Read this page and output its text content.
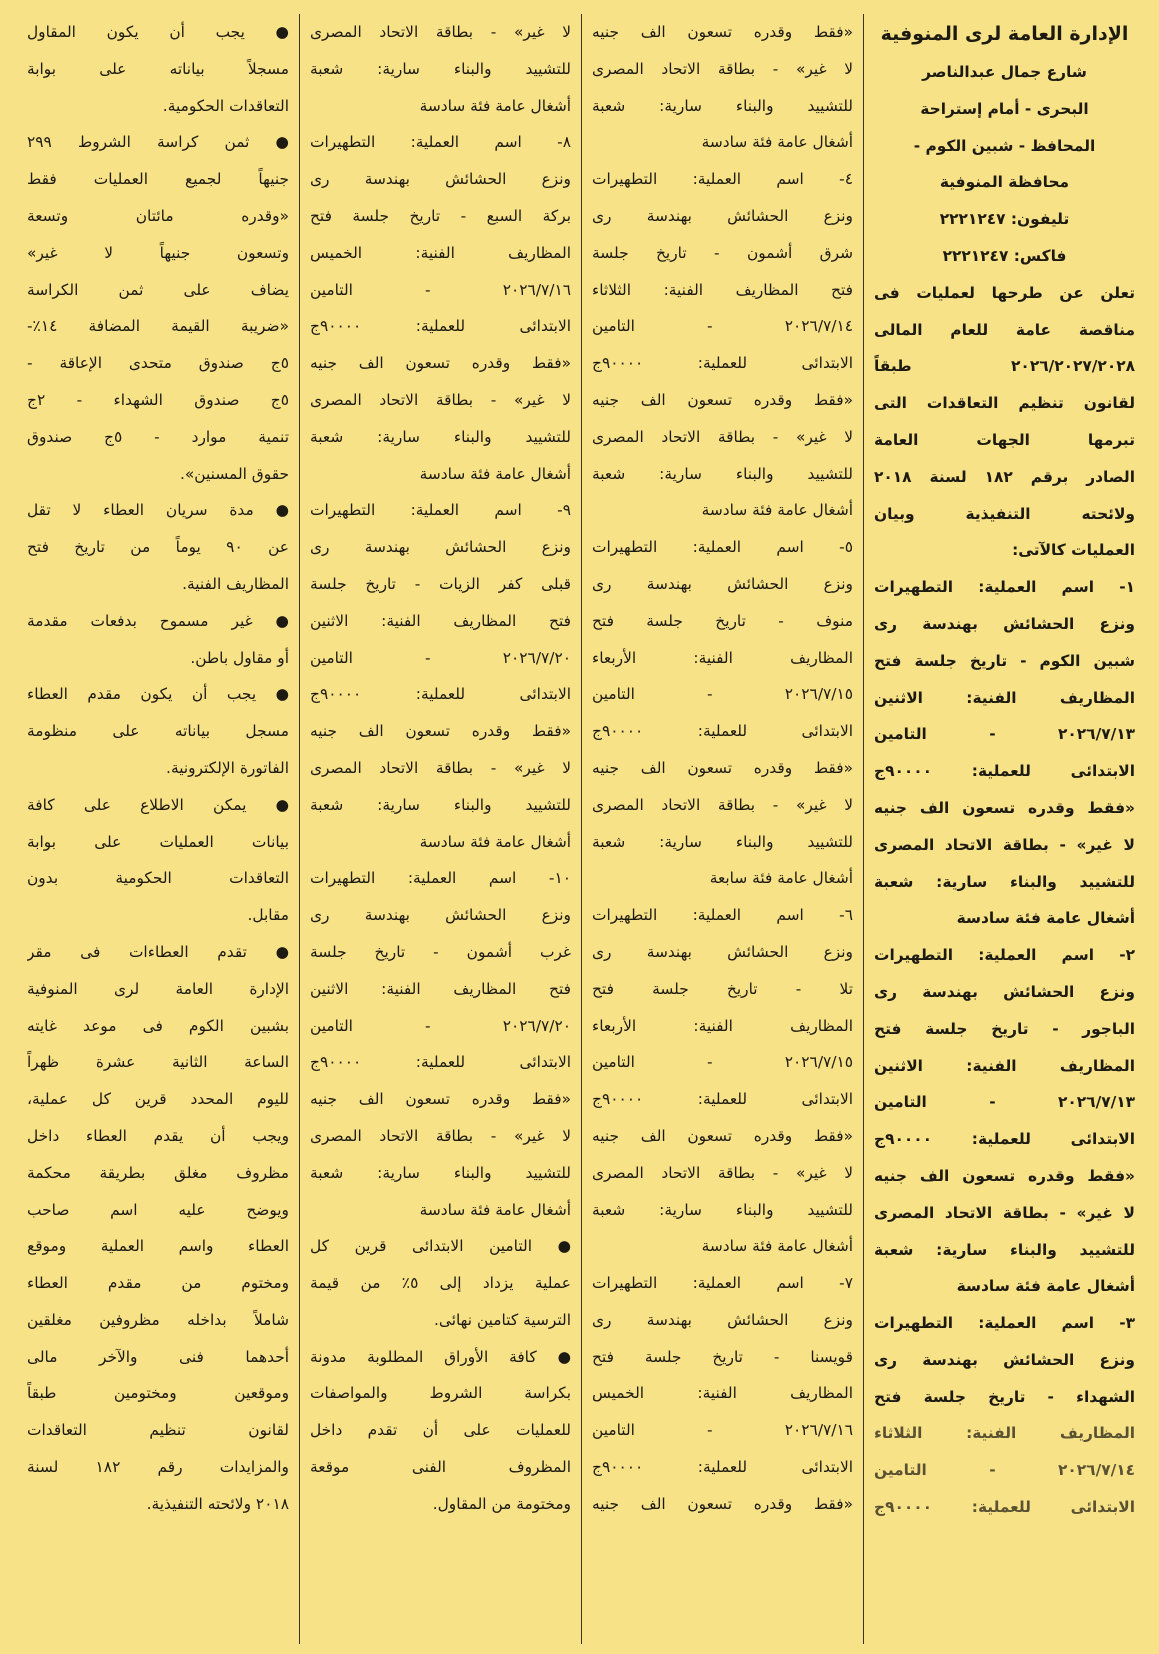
الإدارة العامة لرى المنوفية
شارع جمال عبدالناصر
البحرى - أمام إستراحة
المحافظ - شبين الكوم -
محافظة المنوفية
تليفون: ٢٢٢١٢٤٧
فاكس: ٢٢٢١٢٤٧
تعلن عن طرحها لعمليات فى
مناقصة عامة للعام المالى
٢٠٢٦/٢٠٢٧/٢٠٢٨ طبقاً
لقانون تنظيم التعاقدات التى
تبرمها الجهات العامة
الصادر برقم ١٨٢ لسنة ٢٠١٨
ولائحته التنفيذية وبيان
العمليات كالآتى:
١- اسم العملية: التطهيرات
ونزع الحشائش بهندسة رى
شبين الكوم - تاريخ جلسة فتح
المظاريف الفنية: الاثنين
٢٠٢٦/٧/١٣ - التامين
الابتدائى للعملية: ٩٠٠٠٠ج
«فقط وقدره تسعون الف جنيه
لا غير» - بطاقة الاتحاد المصرى
للتشييد والبناء سارية: شعبة
أشغال عامة فئة سادسة
٢- اسم العملية: التطهيرات
ونزع الحشائش بهندسة رى
الباجور - تاريخ جلسة فتح
المظاريف الفنية: الاثنين
٢٠٢٦/٧/١٣ - التامين
الابتدائى للعملية: ٩٠٠٠٠ج
«فقط وقدره تسعون الف جنيه
لا غير» - بطاقة الاتحاد المصرى
للتشييد والبناء سارية: شعبة
أشغال عامة فئة سادسة
٣- اسم العملية: التطهيرات
ونزع الحشائش بهندسة رى
الشهداء - تاريخ جلسة فتح
المظاريف الفنية: الثلاثاء
٢٠٢٦/٧/١٤ - التامين
الابتدائى للعملية: ٩٠٠٠٠ج
«فقط وقدره تسعون الف جنيه
لا غير» - بطاقة الاتحاد المصرى
للتشييد والبناء سارية: شعبة
أشغال عامة فئة سادسة
٤- اسم العملية: التطهيرات
ونزع الحشائش بهندسة رى
شرق أشمون - تاريخ جلسة
فتح المظاريف الفنية: الثلاثاء
٢٠٢٦/٧/١٤ - التامين
الابتدائى للعملية: ٩٠٠٠٠ج
«فقط وقدره تسعون الف جنيه
لا غير» - بطاقة الاتحاد المصرى
للتشييد والبناء سارية: شعبة
أشغال عامة فئة سادسة
٥- اسم العملية: التطهيرات
ونزع الحشائش بهندسة رى
منوف - تاريخ جلسة فتح
المظاريف الفنية: الأربعاء
٢٠٢٦/٧/١٥ - التامين
الابتدائى للعملية: ٩٠٠٠٠ج
«فقط وقدره تسعون الف جنيه
لا غير» - بطاقة الاتحاد المصرى
للتشييد والبناء سارية: شعبة
أشغال عامة فئة سابعة
٦- اسم العملية: التطهيرات
ونزع الحشائش بهندسة رى
تلا - تاريخ جلسة فتح
المظاريف الفنية: الأربعاء
٢٠٢٦/٧/١٥ - التامين
الابتدائى للعملية: ٩٠٠٠٠ج
«فقط وقدره تسعون الف جنيه
لا غير» - بطاقة الاتحاد المصرى
للتشييد والبناء سارية: شعبة
أشغال عامة فئة سادسة
٧- اسم العملية: التطهيرات
ونزع الحشائش بهندسة رى
قويسنا - تاريخ جلسة فتح
المظاريف الفنية: الخميس
٢٠٢٦/٧/١٦ - التامين
الابتدائى للعملية: ٩٠٠٠٠ج
«فقط وقدره تسعون الف جنيه
لا غير» - بطاقة الاتحاد المصرى
للتشييد والبناء سارية: شعبة
أشغال عامة فئة سادسة
٨- اسم العملية: التطهيرات
ونزع الحشائش بهندسة رى
بركة السبع - تاريخ جلسة فتح
المظاريف الفنية: الخميس
٢٠٢٦/٧/١٦ - التامين
الابتدائى للعملية: ٩٠٠٠٠ج
«فقط وقدره تسعون الف جنيه
لا غير» - بطاقة الاتحاد المصرى
للتشييد والبناء سارية: شعبة
أشغال عامة فئة سادسة
٩- اسم العملية: التطهيرات
ونزع الحشائش بهندسة رى
قبلى كفر الزيات - تاريخ جلسة
فتح المظاريف الفنية: الاثنين
٢٠٢٦/٧/٢٠ - التامين
الابتدائى للعملية: ٩٠٠٠٠ج
«فقط وقدره تسعون الف جنيه
لا غير» - بطاقة الاتحاد المصرى
للتشييد والبناء سارية: شعبة
أشغال عامة فئة سادسة
١٠- اسم العملية: التطهيرات
ونزع الحشائش بهندسة رى
غرب أشمون - تاريخ جلسة
فتح المظاريف الفنية: الاثنين
٢٠٢٦/٧/٢٠ - التامين
الابتدائى للعملية: ٩٠٠٠٠ج
«فقط وقدره تسعون الف جنيه
لا غير» - بطاقة الاتحاد المصرى
للتشييد والبناء سارية: شعبة
أشغال عامة فئة سادسة
● التامين الابتدائى قرين كل
عملية يزداد إلى ٥٪ من قيمة
الترسية كتامين نهائى.
● كافة الأوراق المطلوبة مدونة
بكراسة الشروط والمواصفات
للعمليات على أن تقدم داخل
المظروف الفنى موقعة
ومختومة من المقاول.
● يجب أن يكون المقاول
مسجلاً بياناته على بوابة
التعاقدات الحكومية.
● ثمن كراسة الشروط ٢٩٩
جنيهاً لجميع العمليات فقط
«وقدره مائتان وتسعة
وتسعون جنيهاً لا غير»
يضاف على ثمن الكراسة
«ضريبة القيمة المضافة ١٤٪-
٥ج صندوق متحدى الإعاقة -
٥ج صندوق الشهداء - ٢ج
تنمية موارد - ٥ج صندوق
حقوق المسنين».
● مدة سريان العطاء لا تقل
عن ٩٠ يوماً من تاريخ فتح
المظاريف الفنية.
● غير مسموح بدفعات مقدمة
أو مقاول باطن.
● يجب أن يكون مقدم العطاء
مسجل بياناته على منظومة
الفاتورة الإلكترونية.
● يمكن الاطلاع على كافة
بيانات العمليات على بوابة
التعاقدات الحكومية بدون
مقابل.
● تقدم العطاءات فى مقر
الإدارة العامة لرى المنوفية
بشبين الكوم فى موعد غايته
الساعة الثانية عشرة ظهراً
لليوم المحدد قرين كل عملية،
ويجب أن يقدم العطاء داخل
مظروف مغلق بطريقة محكمة
ويوضح عليه اسم صاحب
العطاء واسم العملية وموقع
ومختوم من مقدم العطاء
شاملاً بداخله مظروفين مغلقين
أحدهما فنى والآخر مالى
وموقعين ومختومين طبقاً
لقانون تنظيم التعاقدات
والمزايدات رقم ١٨٢ لسنة
٢٠١٨ ولائحته التنفيذية.
